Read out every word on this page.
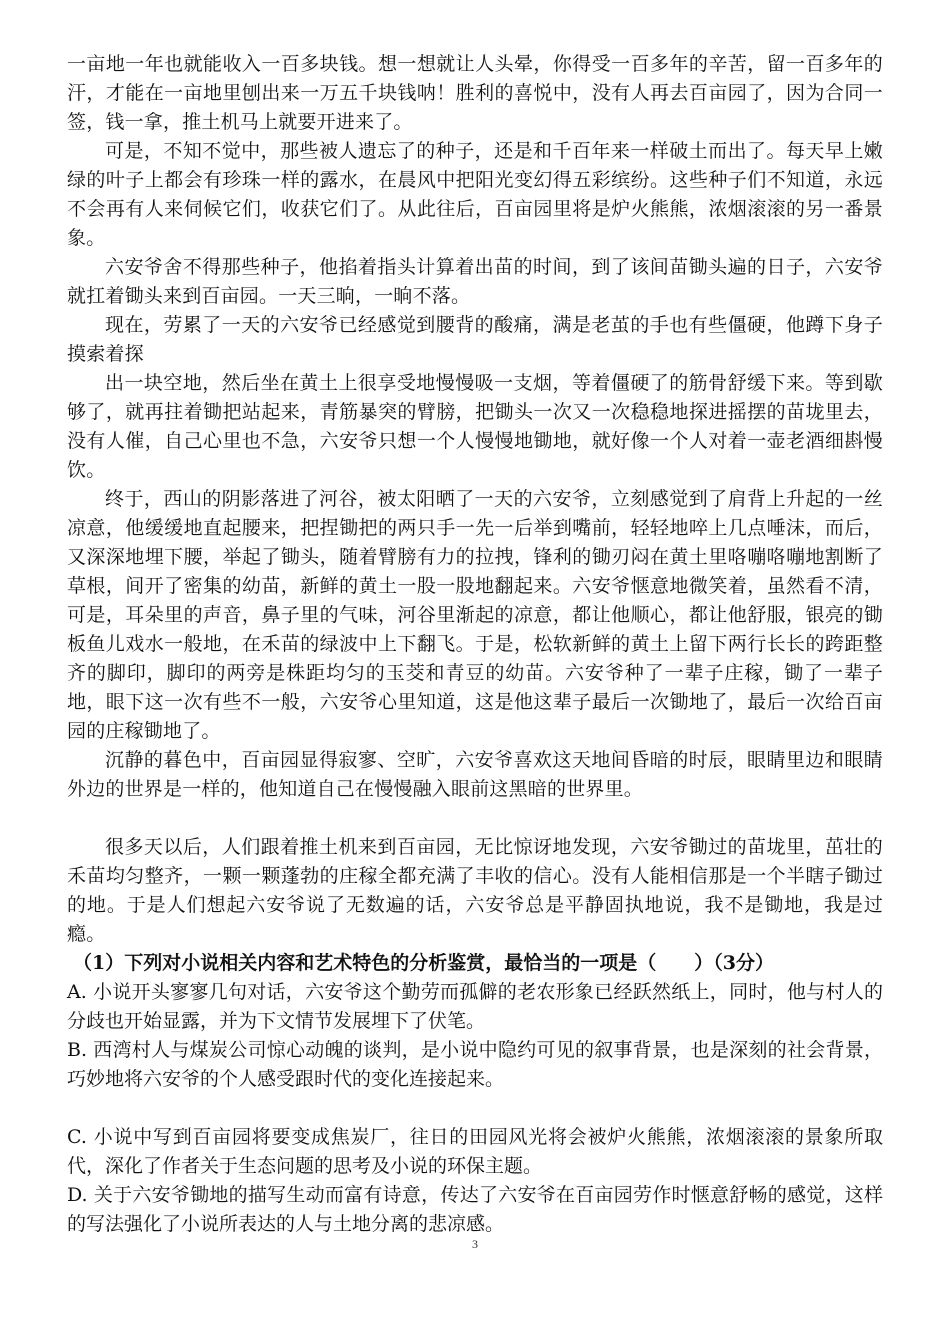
一亩地一年也就能收入一百多块钱。想一想就让人头晕，你得受一百多年的辛苦，留一百多年的汗，才能在一亩地里刨出来一万五千块钱呐！胜利的喜悦中，没有人再去百亩园了，因为合同一签，钱一拿，推土机马上就要开进来了。

可是，不知不觉中，那些被人遗忘了的种子，还是和千百年来一样破土而出了。每天早上嫩绿的叶子上都会有珍珠一样的露水，在晨风中把阳光变幻得五彩缤纷。这些种子们不知道，永远不会再有人来伺候它们，收获它们了。从此往后，百亩园里将是炉火熊熊，浓烟滚滚的另一番景象。

六安爷舍不得那些种子，他掐着指头计算着出苗的时间，到了该间苗锄头遍的日子，六安爷就扛着锄头来到百亩园。一天三晌，一晌不落。

现在，劳累了一天的六安爷已经感觉到腰背的酸痛，满是老茧的手也有些僵硬，他蹲下身子摸索着探

出一块空地，然后坐在黄土上很享受地慢慢吸一支烟，等着僵硬了的筋骨舒缓下来。等到歇够了，就再拄着锄把站起来，青筋暴突的臂膀，把锄头一次又一次稳稳地探进摇摆的苗垅里去，没有人催，自己心里也不急，六安爷只想一个人慢慢地锄地，就好像一个人对着一壶老酒细斟慢饮。

终于，西山的阴影落进了河谷，被太阳晒了一天的六安爷，立刻感觉到了肩背上升起的一丝凉意，他缓缓地直起腰来，把捏锄把的两只手一先一后举到嘴前，轻轻地啐上几点唾沫，而后，又深深地埋下腰，举起了锄头，随着臂膀有力的拉拽，锋利的锄刃闷在黄土里咯嘣咯嘣地割断了草根，间开了密集的幼苗，新鲜的黄土一股一股地翻起来。六安爷惬意地微笑着，虽然看不清，可是，耳朵里的声音，鼻子里的气味，河谷里渐起的凉意，都让他顺心，都让他舒服，银亮的锄板鱼儿戏水一般地，在禾苗的绿波中上下翻飞。于是，松软新鲜的黄土上留下两行长长的跨距整齐的脚印，脚印的两旁是株距均匀的玉茭和青豆的幼苗。六安爷种了一辈子庄稼，锄了一辈子地，眼下这一次有些不一般，六安爷心里知道，这是他这辈子最后一次锄地了，最后一次给百亩园的庄稼锄地了。

沉静的暮色中，百亩园显得寂寥、空旷，六安爷喜欢这天地间昏暗的时辰，眼睛里边和眼睛外边的世界是一样的，他知道自己在慢慢融入眼前这黑暗的世界里。

很多天以后，人们跟着推土机来到百亩园，无比惊讶地发现，六安爷锄过的苗垅里，茁壮的禾苗均匀整齐，一颗一颗蓬勃的庄稼全都充满了丰收的信心。没有人能相信那是一个半瞎子锄过的地。于是人们想起六安爷说了无数遍的话，六安爷总是平静固执地说，我不是锄地，我是过瘾。

（1）下列对小说相关内容和艺术特色的分析鉴赏，最恰当的一项是（　　）（3分）

A. 小说开头寥寥几句对话，六安爷这个勤劳而孤僻的老农形象已经跃然纸上，同时，他与村人的分歧也开始显露，并为下文情节发展埋下了伏笔。

B. 西湾村人与煤炭公司惊心动魄的谈判，是小说中隐约可见的叙事背景，也是深刻的社会背景，巧妙地将六安爷的个人感受跟时代的变化连接起来。

C. 小说中写到百亩园将要变成焦炭厂，往日的田园风光将会被炉火熊熊，浓烟滚滚的景象所取代，深化了作者关于生态问题的思考及小说的环保主题。

D. 关于六安爷锄地的描写生动而富有诗意，传达了六安爷在百亩园劳作时惬意舒畅的感觉，这样的写法强化了小说所表达的人与土地分离的悲凉感。

3
